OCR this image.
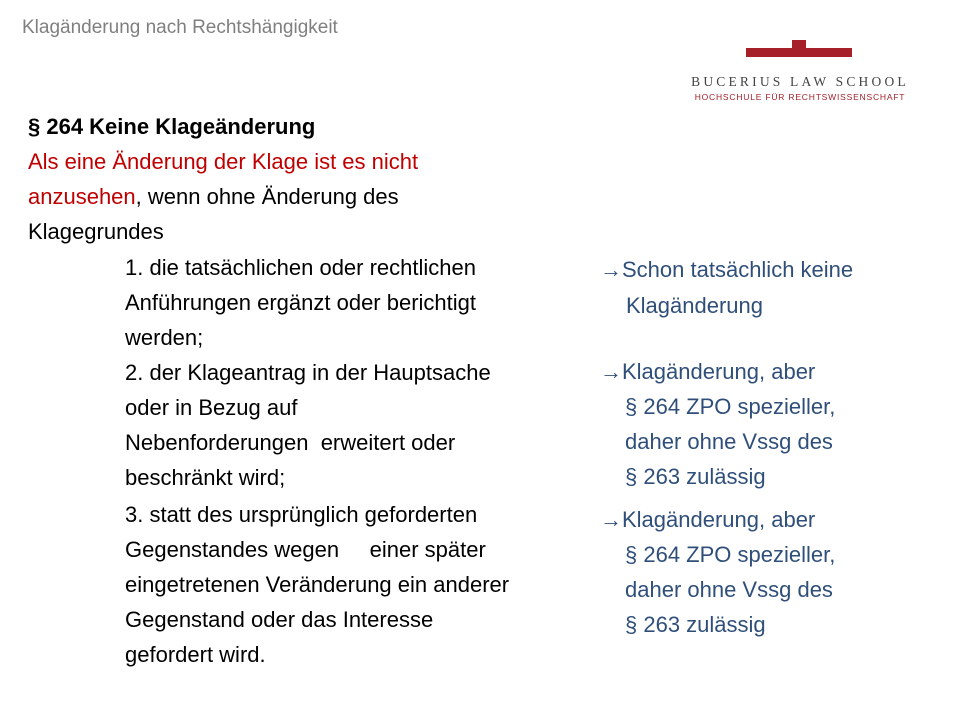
Klagänderung nach Rechtshängigkeit
BUCERIUS LAW SCHOOL
HOCHSCHULE FÜR RECHTSWISSENSCHAFT
§ 264 Keine Klageänderung
Als eine Änderung der Klage ist es nicht
anzusehen, wenn ohne Änderung des
Klagegrundes
1. die tatsächlichen oder rechtlichen
Anführungen ergänzt oder berichtigt
werden;
2. der Klageantrag in der Hauptsache
oder in Bezug auf
Nebenforderungen  erweitert oder
beschränkt wird;
3. statt des ursprünglich geforderten
Gegenstandes wegen     einer später
eingetretenen Veränderung ein anderer
Gegenstand oder das Interesse
gefordert wird.
→Schon tatsächlich keine
Klagänderung
→Klagänderung, aber
§ 264 ZPO spezieller,
daher ohne Vssg des
§ 263 zulässig
→Klagänderung, aber
§ 264 ZPO spezieller,
daher ohne Vssg des
§ 263 zulässig
